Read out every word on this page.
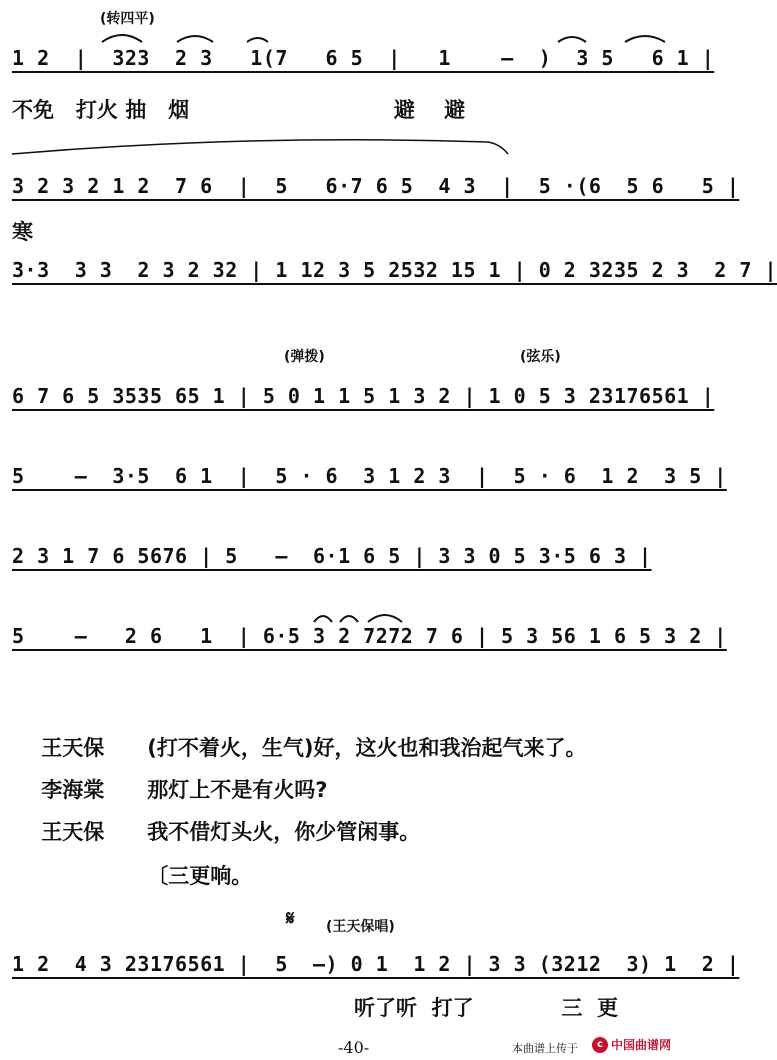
(转四平)
1 2  |  323  2 3   1(7   6 5  |   1    —  )  3 5   6 1 |
不免   打火 抽   烟                            避    避
3 2 3 2 1 2  7 6  |  5   6·7 6 5  4 3  |  5 ·(6  5 6   5 |
寒
3·3  3 3  2 3 2 32 | 1 12 3 5 2532 15 1 | 0 2 3235 2 3  2 7 |
(弹拨)	(弦乐)
6 7 6 5 3535 65 1 | 5 0 1 1 5 1 3 2 | 1 0 5 3 23176561 |
5    —  3·5  6 1  |  5 · 6  3 1 2 3  |  5 · 6  1 2  3 5 |
2 3 1 7 6 5676 | 5   —  6·1 6 5 | 3 3 0 5 3·5 6 3 |
5    —   2 6   1  | 6·5 3 2 7272 7 6 | 5 3 56 1 6 5 3 2 |

王天保 (打不着火，生气)好，这火也和我治起气来了。

李海棠 那灯上不是有火吗?

王天保 我不借灯头火，你少管闲事。

〔三更响。

𝄋 (王天保唱)
1 2  4 3 23176561 |  5  —) 0 1  1 2 | 3 3 (3212  3) 1  2 |
听了听  打了            三  更
-40-	本曲谱上传于	c 中国曲谱网
